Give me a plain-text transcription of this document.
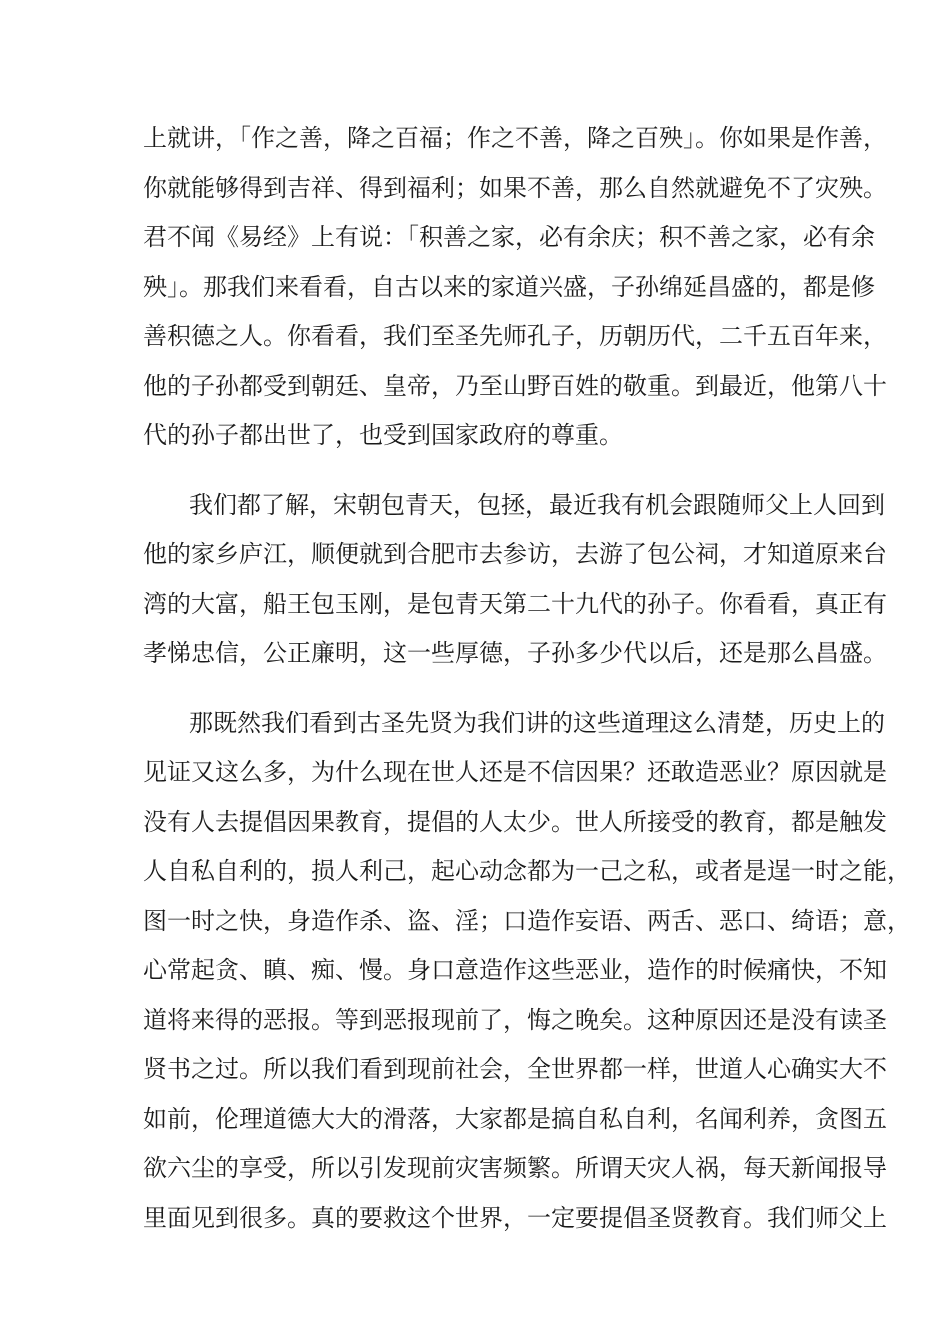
上就讲，「作之善，降之百福；作之不善，降之百殃」。你如果是作善，
你就能够得到吉祥、得到福利；如果不善，那么自然就避免不了灾殃。
君不闻《易经》上有说：「积善之家，必有余庆；积不善之家，必有余
殃」。那我们来看看，自古以来的家道兴盛，子孙绵延昌盛的，都是修
善积德之人。你看看，我们至圣先师孔子，历朝历代，二千五百年来，
他的子孙都受到朝廷、皇帝，乃至山野百姓的敬重。到最近，他第八十
代的孙子都出世了，也受到国家政府的尊重。
我们都了解，宋朝包青天，包拯，最近我有机会跟随师父上人回到
他的家乡庐江，顺便就到合肥市去参访，去游了包公祠，才知道原来台
湾的大富，船王包玉刚，是包青天第二十九代的孙子。你看看，真正有
孝悌忠信，公正廉明，这一些厚德，子孙多少代以后，还是那么昌盛。
那既然我们看到古圣先贤为我们讲的这些道理这么清楚，历史上的
见证又这么多，为什么现在世人还是不信因果？还敢造恶业？原因就是
没有人去提倡因果教育，提倡的人太少。世人所接受的教育，都是触发
人自私自利的，损人利己，起心动念都为一己之私，或者是逞一时之能，
图一时之快，身造作杀、盗、淫；口造作妄语、两舌、恶口、绮语；意，
心常起贪、瞋、痴、慢。身口意造作这些恶业，造作的时候痛快，不知
道将来得的恶报。等到恶报现前了，悔之晚矣。这种原因还是没有读圣
贤书之过。所以我们看到现前社会，全世界都一样，世道人心确实大不
如前，伦理道德大大的滑落，大家都是搞自私自利，名闻利养，贪图五
欲六尘的享受，所以引发现前灾害频繁。所谓天灾人祸，每天新闻报导
里面见到很多。真的要救这个世界，一定要提倡圣贤教育。我们师父上
